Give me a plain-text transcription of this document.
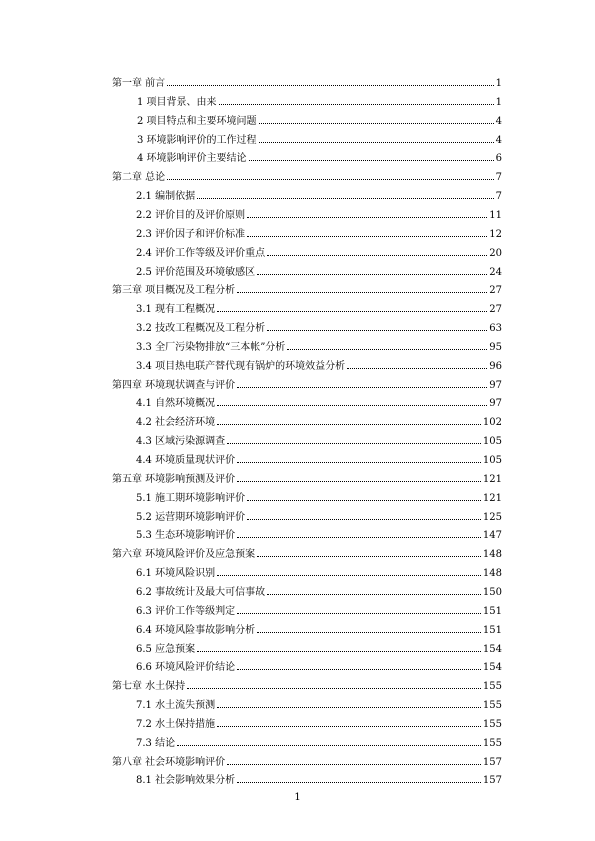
第一章 前言	1
1 项目背景、由来	1
2 项目特点和主要环境问题	4
3 环境影响评价的工作过程	4
4 环境影响评价主要结论	6
第二章 总论	7
2.1 编制依据	7
2.2 评价目的及评价原则	11
2.3 评价因子和评价标准	12
2.4 评价工作等级及评价重点	20
2.5 评价范围及环境敏感区	24
第三章 项目概况及工程分析	27
3.1 现有工程概况	27
3.2 技改工程概况及工程分析	63
3.3 全厂污染物排放“三本帐”分析	95
3.4 项目热电联产替代现有锅炉的环境效益分析	96
第四章 环境现状调查与评价	97
4.1 自然环境概况	97
4.2 社会经济环境	102
4.3 区域污染源调查	105
4.4 环境质量现状评价	105
第五章 环境影响预测及评价	121
5.1 施工期环境影响评价	121
5.2 运营期环境影响评价	125
5.3 生态环境影响评价	147
第六章 环境风险评价及应急预案	148
6.1 环境风险识别	148
6.2 事故统计及最大可信事故	150
6.3 评价工作等级判定	151
6.4 环境风险事故影响分析	151
6.5 应急预案	154
6.6 环境风险评价结论	154
第七章 水土保持	155
7.1 水土流失预测	155
7.2 水土保持措施	155
7.3 结论	155
第八章 社会环境影响评价	157
8.1 社会影响效果分析	157
1
